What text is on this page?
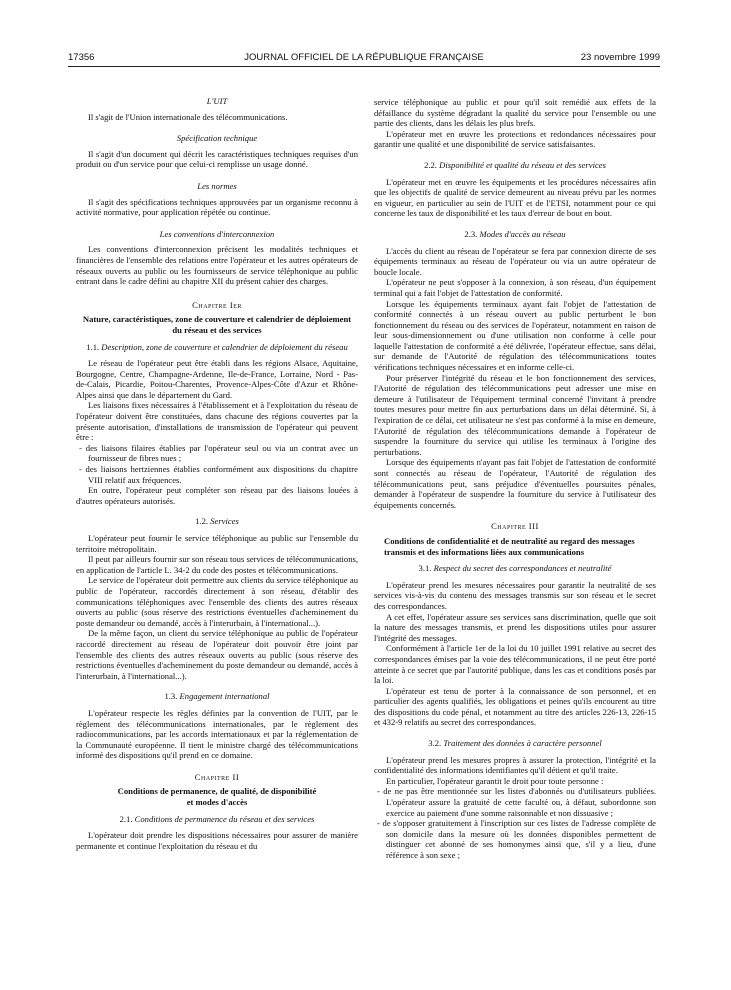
17356	JOURNAL OFFICIEL DE LA RÉPUBLIQUE FRANÇAISE	23 novembre 1999
L'UIT

Il s'agit de l'Union internationale des télécommunications.

Spécification technique

Il s'agit d'un document qui décrit les caractéristiques techniques requises d'un produit ou d'un service pour que celui-ci remplisse un usage donné.

Les normes

Il s'agit des spécifications techniques approuvées par un organisme reconnu à activité normative, pour application répétée ou continue.

Les conventions d'interconnexion

Les conventions d'interconnexion précisent les modalités techniques et financières de l'ensemble des relations entre l'opérateur et les autres opérateurs de réseaux ouverts au public ou les fournisseurs de service téléphonique au public entrant dans le cadre défini au chapitre XII du présent cahier des charges.

Chapitre Ier
Nature, caractéristiques, zone de couverture et calendrier de déploiement du réseau et des services
1.1. Description, zone de couverture et calendrier de déploiement du réseau

Le réseau de l'opérateur peut être établi dans les régions Alsace, Aquitaine, Bourgogne, Centre, Champagne-Ardenne, Ile-de-France, Lorraine, Nord - Pas-de-Calais, Picardie, Poitou-Charentes, Provence-Alpes-Côte d'Azur et Rhône-Alpes ainsi que dans le département du Gard.

Les liaisons fixes nécessaires à l'établissement et à l'exploitation du réseau de l'opérateur doivent être constituées, dans chacune des régions couvertes par la présente autorisation, d'installations de transmission de l'opérateur qui peuvent être :

- des liaisons filaires établies par l'opérateur seul ou via un contrat avec un fournisseur de fibres nues ;
- des liaisons hertziennes établies conformément aux dispositions du chapitre VIII relatif aux fréquences.

En outre, l'opérateur peut compléter son réseau par des liaisons louées à d'autres opérateurs autorisés.

1.2. Services

L'opérateur peut fournir le service téléphonique au public sur l'ensemble du territoire métropolitain.

Il peut par ailleurs fournir sur son réseau tous services de télécommunications, en application de l'article L. 34-2 du code des postes et télécommunications.

Le service de l'opérateur doit permettre aux clients du service téléphonique au public de l'opérateur, raccordés directement à son réseau, d'établir des communications téléphoniques avec l'ensemble des clients des autres réseaux ouverts au public (sous réserve des restrictions éventuelles d'acheminement du poste demandeur ou demandé, accès à l'interurbain, à l'international...).

De la même façon, un client du service téléphonique au public de l'opérateur raccordé directement au réseau de l'opérateur doit pouvoir être joint par l'ensemble des clients des autres réseaux ouverts au public (sous réserve des restrictions éventuelles d'acheminement du poste demandeur ou demandé, accès à l'interurbain, à l'international...).

1.3. Engagement international

L'opérateur respecte les règles définies par la convention de l'UIT, par le règlement des télécommunications internationales, par le règlement des radiocommunications, par les accords internationaux et par la réglementation de la Communauté européenne. Il tient le ministre chargé des télécommunications informé des dispositions qu'il prend en ce domaine.

Chapitre II
Conditions de permanence, de qualité, de disponibilité et modes d'accès
2.1. Conditions de permanence du réseau et des services

L'opérateur doit prendre les dispositions nécessaires pour assurer de manière permanente et continue l'exploitation du réseau et du

service téléphonique au public et pour qu'il soit remédié aux effets de la défaillance du système dégradant la qualité du service pour l'ensemble ou une partie des clients, dans les délais les plus brefs.

L'opérateur met en œuvre les protections et redondances nécessaires pour garantir une qualité et une disponibilité de service satisfaisantes.

2.2. Disponibilité et qualité du réseau et des services

L'opérateur met en œuvre les équipements et les procédures nécessaires afin que les objectifs de qualité de service demeurent au niveau prévu par les normes en vigueur, en particulier au sein de l'UIT et de l'ETSI, notamment pour ce qui concerne les taux de disponibilité et les taux d'erreur de bout en bout.

2.3. Modes d'accès au réseau

L'accès du client au réseau de l'opérateur se fera par connexion directe de ses équipements terminaux au réseau de l'opérateur ou via un autre opérateur de boucle locale.

L'opérateur ne peut s'opposer à la connexion, à son réseau, d'un équipement terminal qui a fait l'objet de l'attestation de conformité.

Lorsque les équipements terminaux ayant fait l'objet de l'attestation de conformité connectés à un réseau ouvert au public perturbent le bon fonctionnement du réseau ou des services de l'opérateur, notamment en raison de leur sous-dimensionnement ou d'une utilisation non conforme à celle pour laquelle l'attestation de conformité a été délivrée, l'opérateur effectue, sans délai, sur demande de l'Autorité de régulation des télécommunications toutes vérifications techniques nécessaires et en informe celle-ci.

Pour préserver l'intégrité du réseau et le bon fonctionnement des services, l'Autorité de régulation des télécommunications peut adresser une mise en demeure à l'utilisateur de l'équipement terminal concerné l'invitant à prendre toutes mesures pour mettre fin aux perturbations dans un délai déterminé. Si, à l'expiration de ce délai, cet utilisateur ne s'est pas conformé à la mise en demeure, l'Autorité de régulation des télécommunications demande à l'opérateur de suspendre la fourniture du service qui utilise les terminaux à l'origine des perturbations.

Lorsque des équipements n'ayant pas fait l'objet de l'attestation de conformité sont connectés au réseau de l'opérateur, l'Autorité de régulation des télécommunications peut, sans préjudice d'éventuelles poursuites pénales, demander à l'opérateur de suspendre la fourniture du service à l'utilisateur des équipements concernés.

Chapitre III
Conditions de confidentialité et de neutralité au regard des messages transmis et des informations liées aux communications
3.1. Respect du secret des correspondances et neutralité

L'opérateur prend les mesures nécessaires pour garantir la neutralité de ses services vis-à-vis du contenu des messages transmis sur son réseau et le secret des correspondances.

A cet effet, l'opérateur assure ses services sans discrimination, quelle que soit la nature des messages transmis, et prend les dispositions utiles pour assurer l'intégrité des messages.

Conformément à l'article 1er de la loi du 10 juillet 1991 relative au secret des correspondances émises par la voie des télécommunications, il ne peut être porté atteinte à ce secret que par l'autorité publique, dans les cas et conditions posés par la loi.

L'opérateur est tenu de porter à la connaissance de son personnel, et en particulier des agents qualifiés, les obligations et peines qu'ils encourent au titre des dispositions du code pénal, et notamment au titre des articles 226-13, 226-15 et 432-9 relatifs au secret des correspondances.

3.2. Traitement des données à caractère personnel

L'opérateur prend les mesures propres à assurer la protection, l'intégrité et la confidentialité des informations identifiantes qu'il détient et qu'il traite.

En particulier, l'opérateur garantit le droit pour toute personne :

- de ne pas être mentionnée sur les listes d'abonnés ou d'utilisateurs publiées. L'opérateur assure la gratuité de cette faculté ou, à défaut, subordonne son exercice au paiement d'une somme raisonnable et non dissuasive ;
- de s'opposer gratuitement à l'inscription sur ces listes de l'adresse complète de son domicile dans la mesure où les données disponibles permettent de distinguer cet abonné de ses homonymes ainsi que, s'il y a lieu, d'une référence à son sexe ;
